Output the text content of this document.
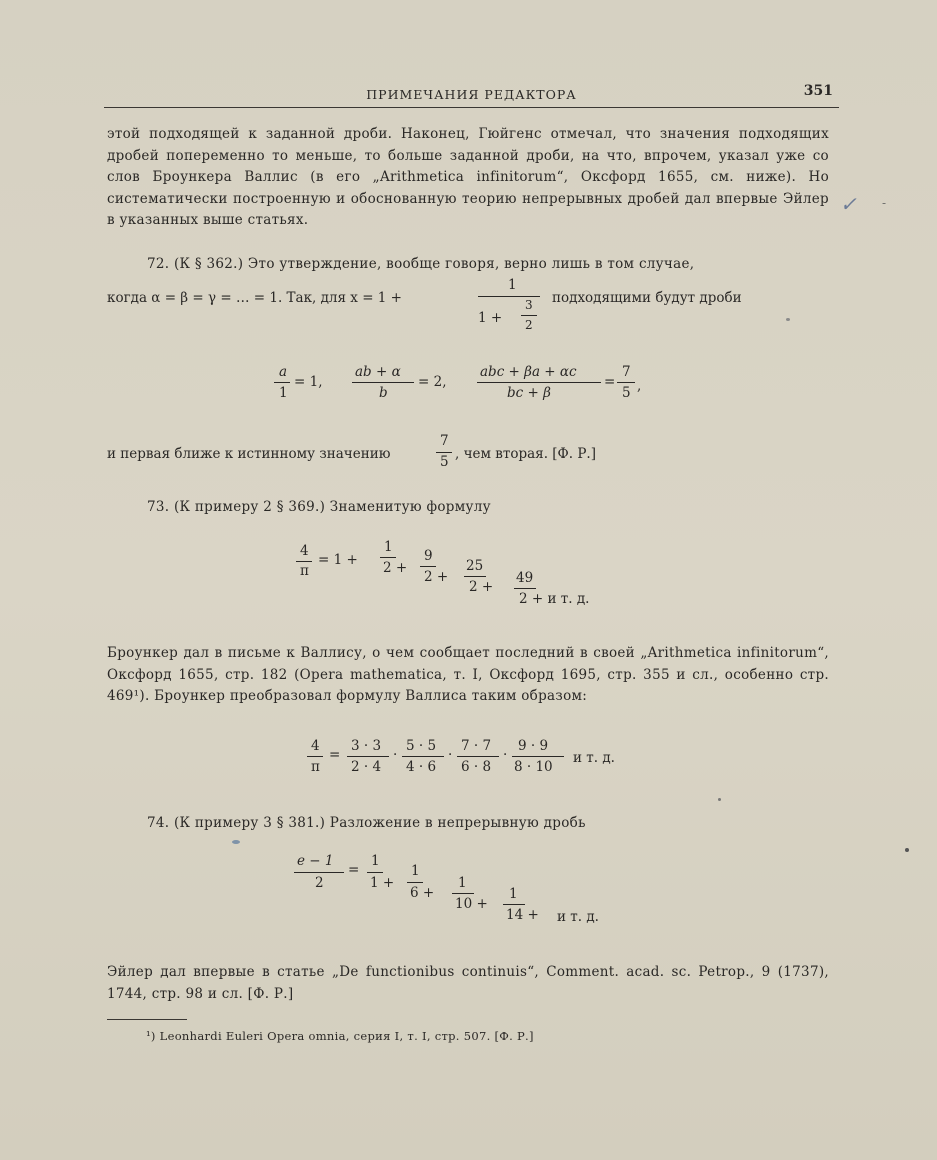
ПРИМЕЧАНИЯ РЕДАКТОРА	351
этой подходящей к заданной дроби. Наконец, Гюйгенс отмечал, что значения подходящих дробей попеременно то меньше, то больше заданной дроби, на что, впрочем, указал уже со слов Броункера Валлис (в его „Arithmetica infinitorum“, Оксфорд 1655, см. ниже). Но систематически построенную и обоснованную теорию непрерывных дробей дал впервые Эйлер в указанных выше статьях.
✓ -
72. (К § 362.) Это утверждение, вообще говоря, верно лишь в том случае,
когда α = β = γ = … = 1. Так, для x = 1 +
1
1 +
3
2
подходящими будут дроби
a
1
= 1,
ab + α
b
= 2,
abc + βa + αc
bc + β
=
7
5 ,
и первая ближе к истинному значению
7
5 , чем вторая. [Ф. Р.]
73. (К примеру 2 § 369.) Знаменитую формулу
4
π
= 1 +
1
2 +
9
2 +
25
2 +
49
2 + и т. д.
Броункер дал в письме к Валлису, о чем сообщает последний в своей „Arithmetica infinitorum“, Оксфорд 1655, стр. 182 (Opera mathematica, т. I, Оксфорд 1695, стр. 355 и сл., особенно стр. 469¹). Броункер преобразовал формулу Валлиса таким образом:
4
π
=
3 · 3
2 · 4
·
5 · 5
4 · 6
·
7 · 7
6 · 8
·
9 · 9
8 · 10
и т. д.
74. (К примеру 3 § 381.) Разложение в непрерывную дробь
e − 1
2
=
1
1 +
1
6 +
1
10 +
1
14 + и т. д.
Эйлер дал впервые в статье „De functionibus continuis“, Comment. acad. sc. Petrop., 9 (1737), 1744, стр. 98 и сл. [Ф. Р.]
¹) Leonhardi Euleri Opera omnia, серия I, т. I, стр. 507. [Ф. Р.]
